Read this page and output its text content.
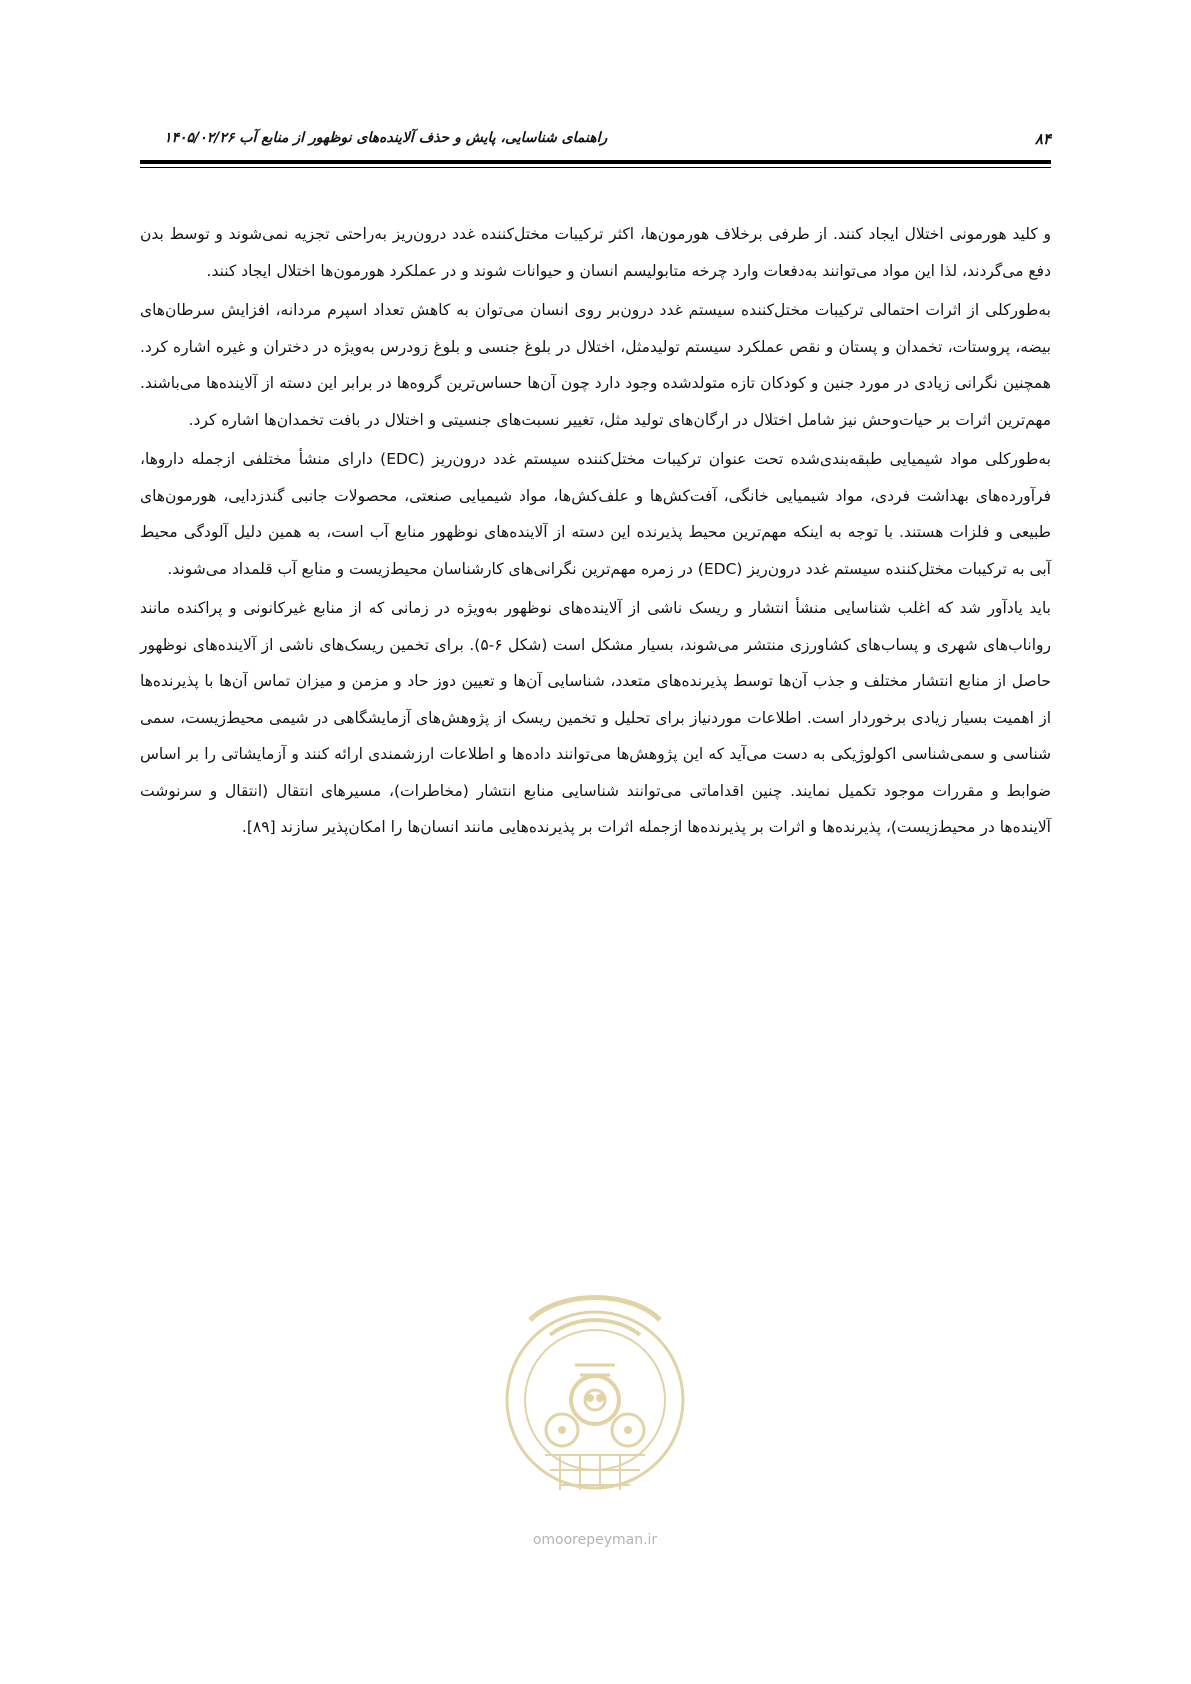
۸۴
راهنمای شناسایی، پایش و حذف آلاینده‌های نوظهور از منابع آب ۱۴۰۵/۰۲/۲۶

و کلید هورمونی اختلال ایجاد کنند. از طرفی برخلاف هورمون‌ها، اکثر ترکیبات مختل‌کننده غدد درون‌ریز به‌راحتی تجزیه نمی‌شوند و توسط بدن دفع می‌گردند، لذا این مواد می‌توانند به‌دفعات وارد چرخه متابولیسم انسان و حیوانات شوند و در عملکرد هورمون‌ها اختلال ایجاد کنند.

به‌طورکلی از اثرات احتمالی ترکیبات مختل‌کننده سیستم غدد درون‌بر روی انسان می‌توان به کاهش تعداد اسپرم مردانه، افزایش سرطان‌های بیضه، پروستات، تخمدان و پستان و نقص عملکرد سیستم تولیدمثل، اختلال در بلوغ جنسی و بلوغ زودرس به‌ویژه در دختران و غیره اشاره کرد. همچنین نگرانی زیادی در مورد جنین و کودکان تازه متولدشده وجود دارد چون آن‌ها حساس‌ترین گروه‌ها در برابر این دسته از آلاینده‌ها می‌باشند. مهم‌ترین اثرات بر حیات‌وحش نیز شامل اختلال در ارگان‌های تولید مثل، تغییر نسبت‌های جنسیتی و اختلال در بافت تخمدان‌ها اشاره کرد.

به‌طورکلی مواد شیمیایی طبقه‌بندی‌شده تحت عنوان ترکیبات مختل‌کننده سیستم غدد درون‌ریز (EDC) دارای منشأ مختلفی ازجمله داروها، فرآورده‌های بهداشت فردی، مواد شیمیایی خانگی، آفت‌کش‌ها و علف‌کش‌ها، مواد شیمیایی صنعتی، محصولات جانبی گندزدایی، هورمون‌های طبیعی و فلزات هستند. با توجه به اینکه مهم‌ترین محیط پذیرنده این دسته از آلاینده‌های نوظهور منابع آب است، به همین دلیل آلودگی محیط آبی به ترکیبات مختل‌کننده سیستم غدد درون‌ریز (EDC) در زمره مهم‌ترین نگرانی‌های کارشناسان محیط‌زیست و منابع آب قلمداد می‌شوند.

باید یادآور شد که اغلب شناسایی منشأ انتشار و ریسک ناشی از آلاینده‌های نوظهور به‌ویژه در زمانی که از منابع غیرکانونی و پراکنده مانند رواناب‌های شهری و پساب‌های کشاورزی منتشر می‌شوند، بسیار مشکل است (شکل ۶-۵). برای تخمین ریسک‌های ناشی از آلاینده‌های نوظهور حاصل از منابع انتشار مختلف و جذب آن‌ها توسط پذیرنده‌های متعدد، شناسایی آن‌ها و تعیین دوز حاد و مزمن و میزان تماس آن‌ها با پذیرنده‌ها از اهمیت بسیار زیادی برخوردار است. اطلاعات موردنیاز برای تحلیل و تخمین ریسک از پژوهش‌های آزمایشگاهی در شیمی محیط‌زیست، سمی شناسی و سمی‌شناسی اکولوژیکی به دست می‌آید که این پژوهش‌ها می‌توانند داده‌ها و اطلاعات ارزشمندی ارائه کنند و آزمایشاتی را بر اساس ضوابط و مقررات موجود تکمیل نمایند. چنین اقداماتی می‌توانند شناسایی منابع انتشار (مخاطرات)، مسیرهای انتقال (انتقال و سرنوشت آلاینده‌ها در محیط‌زیست)، پذیرنده‌ها و اثرات بر پذیرنده‌ها ازجمله اثرات بر پذیرنده‌هایی مانند انسان‌ها را امکان‌پذیر سازند [۸۹].

omoorepeyman.ir
